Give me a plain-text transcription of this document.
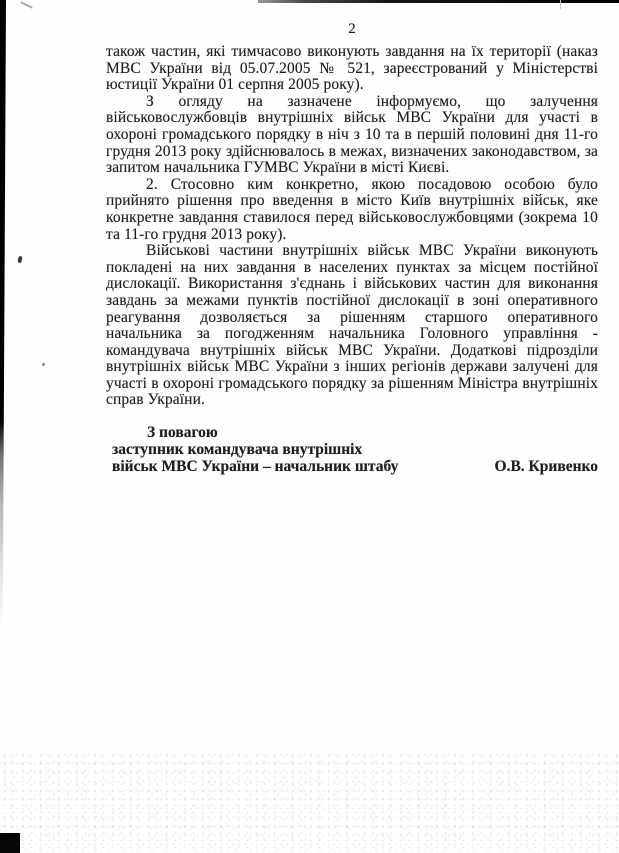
2

також частин, які тимчасово виконують завдання на їх території (наказ МВС України від 05.07.2005 № 521, зареєстрований у Міністерстві юстиції України 01 серпня 2005 року).

З огляду на зазначене інформуємо, що залучення військовослужбовців внутрішніх військ МВС України для участі в охороні громадського порядку в ніч з 10 та в першій половині дня 11-го грудня 2013 року здійснювалось в межах, визначених законодавством, за запитом начальника ГУМВС України в місті Києві.

2. Стосовно ким конкретно, якою посадовою особою було прийнято рішення про введення в місто Київ внутрішніх військ, яке конкретне завдання ставилося перед військовослужбовцями (зокрема 10 та 11-го грудня 2013 року).

Військові частини внутрішніх військ МВС України виконують покладені на них завдання в населених пунктах за місцем постійної дислокації. Використання з'єднань і військових частин для виконання завдань за межами пунктів постійної дислокації в зоні оперативного реагування дозволяється за рішенням старшого оперативного начальника за погодженням начальника Головного управління - командувача внутрішніх військ МВС України. Додаткові підрозділи внутрішніх військ МВС України з інших регіонів держави залучені для участі в охороні громадського порядку за рішенням Міністра внутрішніх справ України.

З повагою
заступник командувача внутрішніх
військ МВС України – начальник штабу	О.В. Кривенко
